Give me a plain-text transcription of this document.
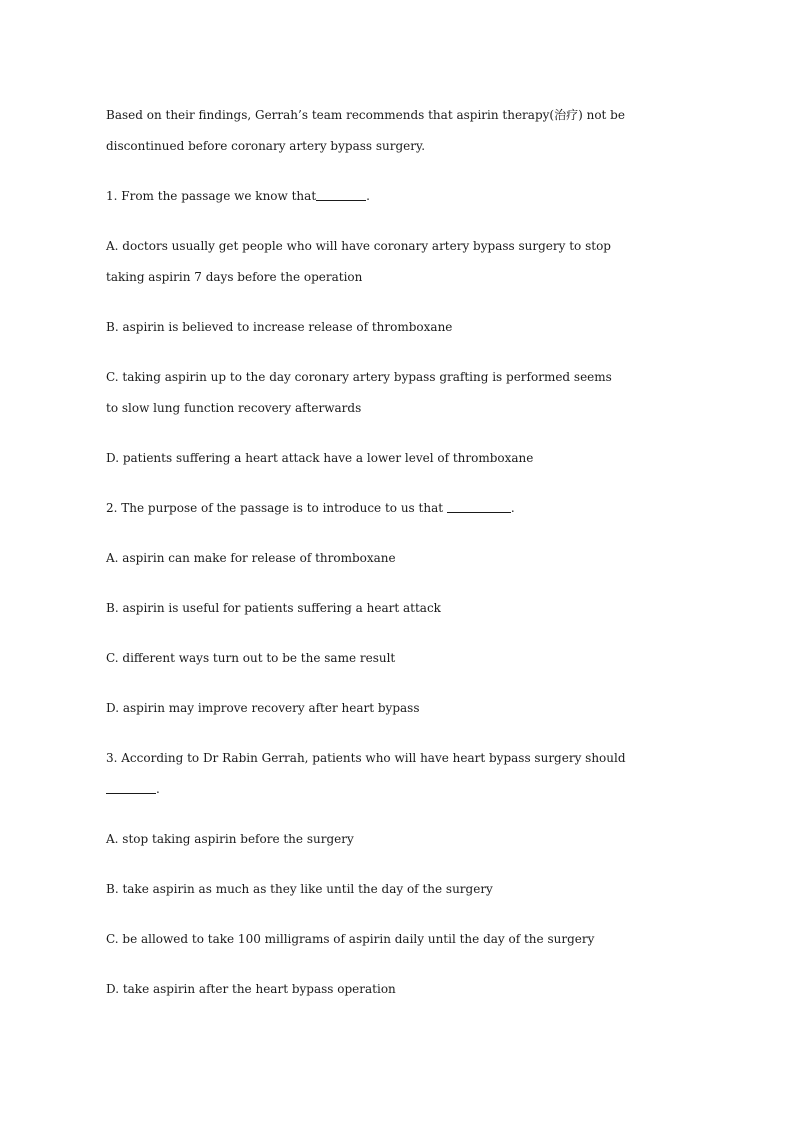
Based on their findings, Gerrah’s team recommends that aspirin therapy(治疗) not be
discontinued before coronary artery bypass surgery.
1. From the passage we know that	.
A. doctors usually get people who will have coronary artery bypass surgery to stop
taking aspirin 7 days before the operation
B. aspirin is believed to increase release of thromboxane
C. taking aspirin up to the day coronary artery bypass grafting is performed seems
to slow lung function recovery afterwards
D. patients suffering a heart attack have a lower level of thromboxane
2. The purpose of the passage is to introduce to us that	.
A. aspirin can make for release of thromboxane
B. aspirin is useful for patients suffering a heart attack
C. different ways turn out to be the same result
D. aspirin may improve recovery after heart bypass
3. According to Dr Rabin Gerrah, patients who will have heart bypass surgery should
.
A. stop taking aspirin before the surgery
B. take aspirin as much as they like until the day of the surgery
C. be allowed to take 100 milligrams of aspirin daily until the day of the surgery
D. take aspirin after the heart bypass operation
